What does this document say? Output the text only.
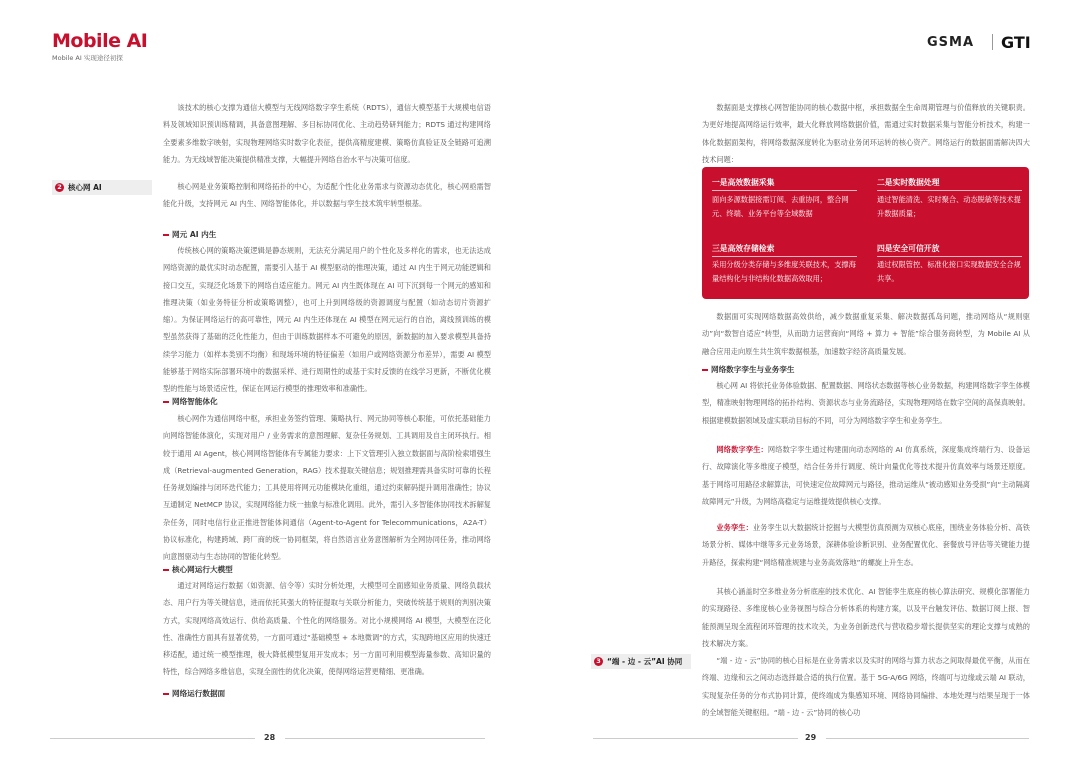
Mobile AI
Mobile AI 实现途径初探
GSMA GTI
该技术的核心支撑为通信大模型与无线网络数字孪生系统（RDTS），通信大模型基于大规模电信语料及领域知识预训练精调，具备意图理解、多目标协同优化、主动趋势研判能力；RDTS 通过构建网络全要素多维数字映射，实现物理网络实时数字化表征，提供高精度建模、策略仿真验证及全链路可追溯能力。为无线域智能决策提供精准支撑，大幅提升网络自治水平与决策可信度。
2 核心网 AI	核心网是业务策略控制和网络拓扑的中心，为适配个性化业务需求与资源动态优化，核心网亟需智能化升级，支持网元 AI 内生、网络智能体化，并以数据与孪生技术筑牢转型根基。
网元 AI 内生
传统核心网的策略决策逻辑是静态规则，无法充分满足用户的个性化及多样化的需求，也无法达成网络资源的最优实时动态配置，需要引入基于 AI 模型驱动的推理决策，通过 AI 内生于网元功能逻辑和接口交互，实现泛化场景下的网络自适应能力。网元 AI 内生既体现在 AI 可下沉到每一个网元的感知和推理决策（如业务特征分析或策略调整），也可上升到网络级的资源调度与配置（如动态切片资源扩缩）。为保证网络运行的高可靠性，网元 AI 内生还体现在 AI 模型在网元运行的自治，离线预训练的模型虽然获得了基础的泛化性能力，但由于训练数据样本不可避免的原因，新数据的加入要求模型具备持续学习能力（如样本类别不均衡）和现场环境的特征偏差（如用户或网络资源分布差异），需要 AI 模型能够基于网络实际部署环境中的数据采样、进行周期性的或基于实时反馈的在线学习更新，不断优化模型的性能与场景适应性，保证在网运行模型的推理效率和准确性。
网络智能体化
核心网作为通信网络中枢，承担业务签约管理、策略执行、网元协同等核心职能，可依托基础能力向网络智能体演化，实现对用户 / 业务需求的意图理解、复杂任务规划、工具调用及自主闭环执行。相较于通用 AI Agent，核心网网络智能体有专属能力要求：上下文管理引入独立数据面与高阶检索增强生成（Retrieval-augmented Generation，RAG）技术提取关键信息；规划推理需具备实时可靠的长程任务规划编排与闭环迭代能力；工具使用将网元功能模块化重组，通过约束解码提升调用准确性；协议互通制定 NetMCP 协议，实现网络能力统一抽象与标准化调用。此外，需引入多智能体协同技术拆解复杂任务，同时电信行业正推进智能体间通信（Agent-to-Agent for Telecommunications，A2A-T）协议标准化，构建跨域、跨厂商的统一协同框架，将自然语言业务意图解析为全网协同任务，推动网络向意图驱动与生态协同的智能化转型。
核心网运行大模型
通过对网络运行数据（如资源、信令等）实时分析处理，大模型可全面感知业务质量、网络负载状态、用户行为等关键信息，进而依托其强大的特征提取与关联分析能力，突破传统基于规则的判别决策方式，实现网络高效运行、供给高质量、个性化的网络服务。对比小规模网络 AI 模型，大模型在泛化性、准确性方面具有显著优势，一方面可通过“基础模型 + 本地微调”的方式，实现跨地区应用的快速迁移适配，通过统一模型推理，极大降低模型复用开发成本；另一方面可利用模型海量参数、高知识量的特性，综合网络多维信息，实现全面性的优化决策，使得网络运营更精细、更准确。
网络运行数据面
28
数据面是支撑核心网智能协同的核心数据中枢，承担数据全生命周期管理与价值释放的关键职责。为更好地提高网络运行效率，最大化释放网络数据价值，需通过实时数据采集与智能分析技术，构建一体化数据面架构，将网络数据深度转化为驱动业务闭环运转的核心资产。网络运行的数据面需解决四大技术问题：
一是高效数据采集
面向多源数据接需订阅、去重协同，整合网元、终端、业务平台等全域数据
二是实时数据处理
通过智能清洗、实时聚合、动态脱敏等技术提升数据质量；
三是高效存储检索
采用分级分类存储与多维度关联技术，支撑海量结构化与非结构化数据高效取用；
四是安全可信开放
通过权限管控、标准化接口实现数据安全合规共享。
数据面可实现网络数据高效供给，减少数据重复采集、解决数据孤岛问题，推动网络从“规则驱动”向“数智自适应”转型，从而助力运营商向“网络 + 算力 + 智能”综合服务商转型，为 Mobile AI 从融合应用走向原生共生筑牢数据根基，加速数字经济高质量发展。
网络数字孪生与业务孪生
核心网 AI 将依托业务体验数据、配置数据、网络状态数据等核心业务数据，构建网络数字孪生体模型，精准映射物理网络的拓扑结构、资源状态与业务流路径，实现物理网络在数字空间的高保真映射。根据建模数据领域及虚实联动目标的不同，可分为网络数字孪生和业务孪生。
网络数字孪生：网络数字孪生通过构建面向动态网络的 AI 仿真系统，深度集成终端行为、设备运行、故障演化等多维度子模型，结合任务并行调度、统计向量优化等技术提升仿真效率与场景还原度。基于网络可用路径求解算法，可快速定位故障网元与路径，推动运维从“被动感知业务受损”向“主动隔离故障网元”升级，为网络高稳定与运维提效提供核心支撑。
业务孪生：业务孪生以大数据统计挖掘与大模型仿真预测为双核心底座，围绕业务体验分析、高铁场景分析、媒体中继等多元业务场景，深耕体验诊断识别、业务配置优化、套餐放号评估等关键能力提升路径，探索构建“网络精准规建与业务高效落地”的螺旋上升生态。
其核心涵盖时空多维业务分析底座的技术优化、AI 智能孪生底座的核心算法研究、规模化部署能力的实现路径、多维度核心业务视图与综合分析体系的构建方案，以及平台触发评估、数据订阅上报、智能预测呈现全流程闭环管理的技术攻关，为业务创新迭代与营收稳步增长提供坚实的理论支撑与成熟的技术解决方案。
3 “端 - 边 - 云”AI 协同	“端 - 边 - 云”协同的核心目标是在业务需求以及实时的网络与算力状态之间取得最优平衡，从而在终端、边缘和云之间动态选择最合适的执行位置。基于 5G-A/6G 网络，终端可与边缘或云端 AI 联动，实现复杂任务的分布式协同计算，使终端成为集感知环境、网络协同编排、本地处理与结果呈现于一体的全域智能关键枢纽。“端 - 边 - 云”协同的核心功
29
